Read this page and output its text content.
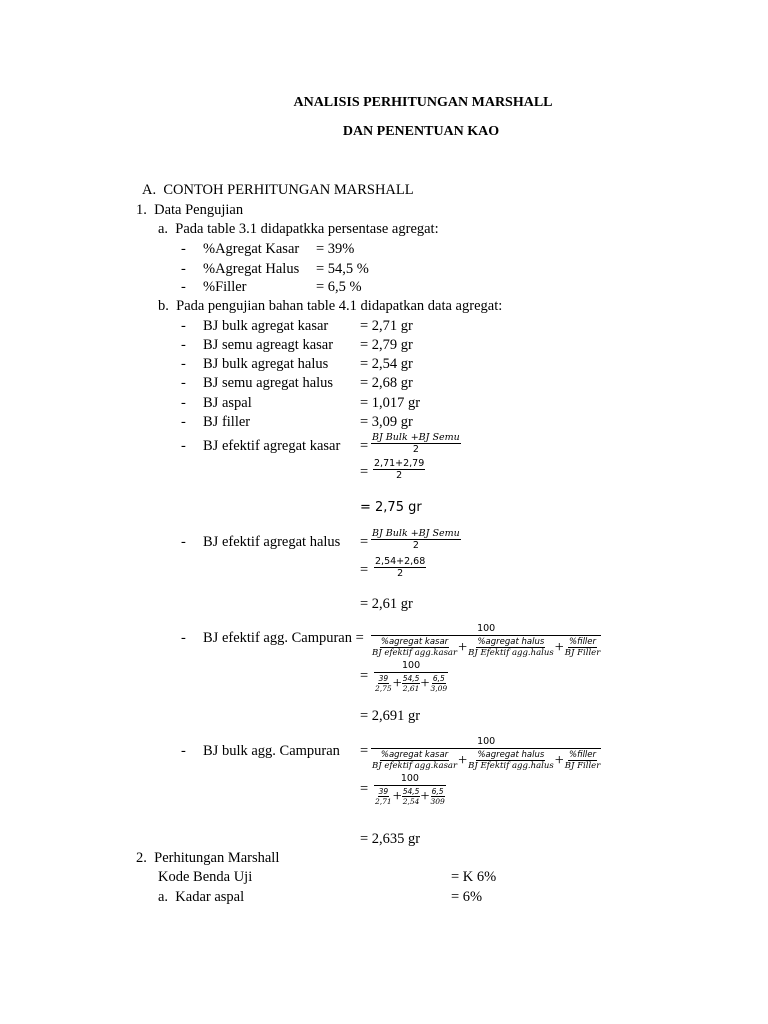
ANALISIS PERHITUNGAN MARSHALL
DAN PENENTUAN KAO
A.  CONTOH PERHITUNGAN MARSHALL
1.  Data Pengujian
a.  Pada table 3.1 didapatkka persentase agregat:
- %Agregat Kasar = 39%
- %Agregat Halus = 54,5 %
- %Filler	= 6,5 %
b.  Pada pengujian bahan table 4.1 didapatkan data agregat:
- BJ bulk agregat kasar = 2,71 gr
- BJ semu agreagt kasar = 2,79 gr
- BJ bulk agregat halus = 2,54 gr
- BJ semu agregat halus = 2,68 gr
- BJ aspal	= 1,017 gr
- BJ filler	= 3,09 gr
- BJ efektif agregat kasar =
BJ Bulk +BJ Semu
2
= $\frac{2,71+2,79}{2}$
= 2,75 gr
- BJ efektif agregat halus =
BJ Bulk +BJ Semu
2
= $\frac{2,54+2,68}{2}$
= 2,61 gr
- BJ efektif agg. Campuran =
100
%agregat kasar
BJ efektif agg.kasar + %agregat halus
BJ Efektif agg.halus + %filler
BJ Filler
=
100
$\frac{39}{2,75} + \frac{54,5}{2,61} + \frac{6,5}{3,09}$
= 2,691 gr
- BJ bulk agg. Campuran =
100
%agregat kasar
BJ efektif agg.kasar + %agregat halus
BJ Efektif agg.halus + %filler
BJ Filler
=
100
$\frac{39}{2,71} + \frac{54,5}{2,54} + \frac{6,5}{309}$
= 2,635 gr
2.  Perhitungan Marshall
Kode Benda Uji	= K 6%
a.  Kadar aspal	= 6%
